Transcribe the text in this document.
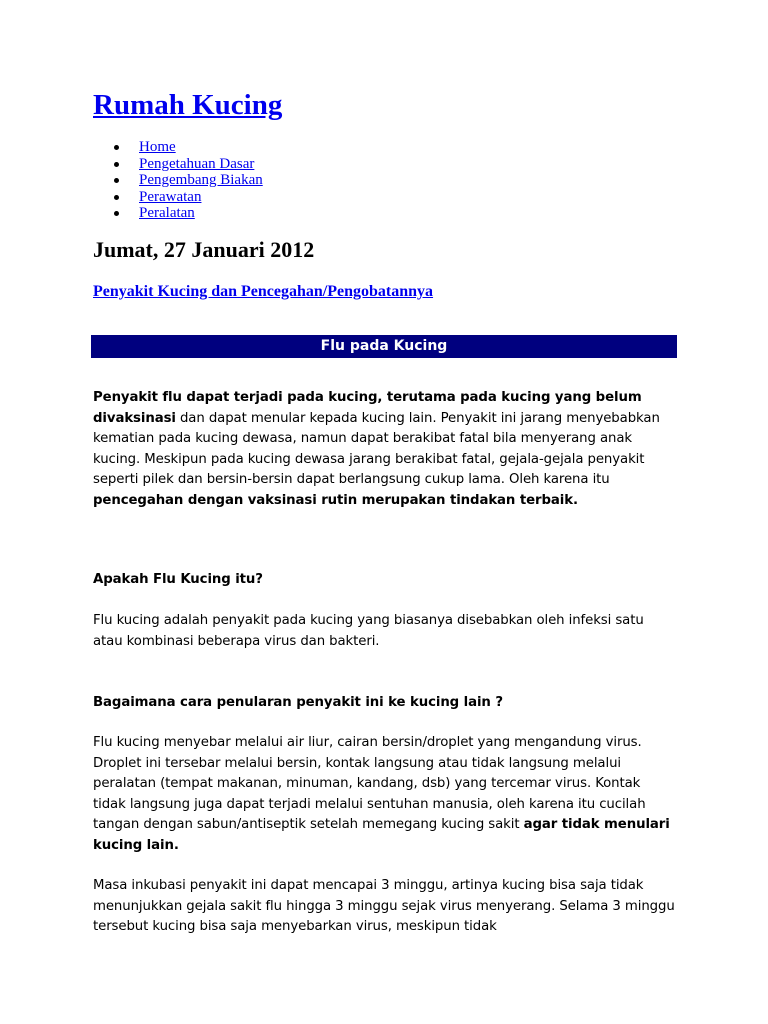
Rumah Kucing
Home
Pengetahuan Dasar
Pengembang Biakan
Perawatan
Peralatan
Jumat, 27 Januari 2012
Penyakit Kucing dan Pencegahan/Pengobatannya
Flu pada Kucing

Penyakit flu dapat terjadi pada kucing, terutama pada kucing yang belum divaksinasi dan dapat menular kepada kucing lain. Penyakit ini jarang menyebabkan kematian pada kucing dewasa, namun dapat berakibat fatal bila menyerang anak kucing. Meskipun pada kucing dewasa jarang berakibat fatal, gejala-gejala penyakit seperti pilek dan bersin-bersin dapat berlangsung cukup lama. Oleh karena itu pencegahan dengan vaksinasi rutin merupakan tindakan terbaik.

Apakah Flu Kucing itu?

Flu kucing adalah penyakit pada kucing yang biasanya disebabkan oleh infeksi satu atau kombinasi beberapa virus dan bakteri.

Bagaimana cara penularan penyakit ini ke kucing lain ?

Flu kucing menyebar melalui air liur, cairan bersin/droplet yang mengandung virus. Droplet ini tersebar melalui bersin, kontak langsung atau tidak langsung melalui peralatan (tempat makanan, minuman, kandang, dsb) yang tercemar virus. Kontak tidak langsung juga dapat terjadi melalui sentuhan manusia, oleh karena itu cucilah tangan dengan sabun/antiseptik setelah memegang kucing sakit agar tidak menulari kucing lain.

Masa inkubasi penyakit ini dapat mencapai 3 minggu, artinya kucing bisa saja tidak menunjukkan gejala sakit flu hingga 3 minggu sejak virus menyerang. Selama 3 minggu tersebut kucing bisa saja menyebarkan virus, meskipun tidak
